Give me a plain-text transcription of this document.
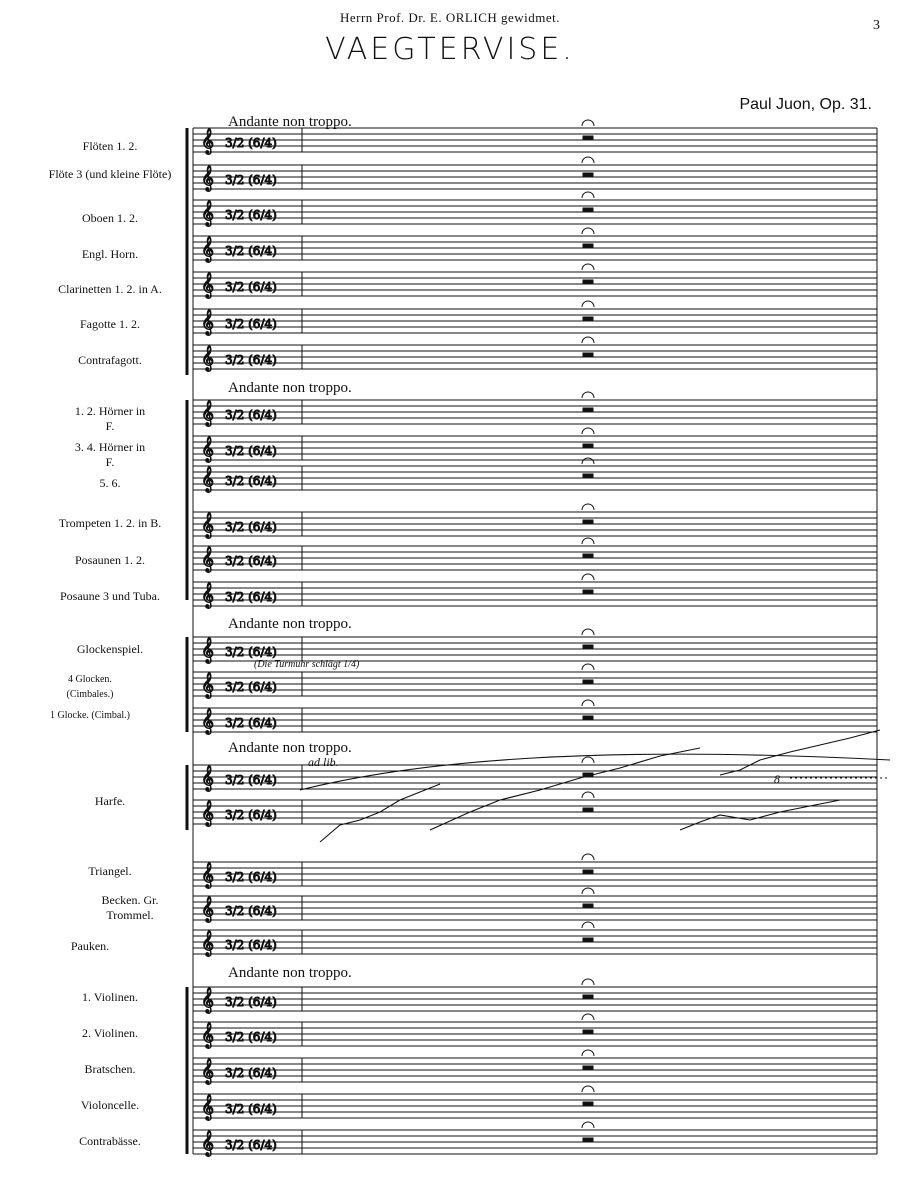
Herrn Prof. Dr. E. ORLICH gewidmet.
3
VAEGTERVISE.
Paul Juon, Op. 31.
Andante non troppo.
Andante non troppo.
Andante non troppo.
Andante non troppo.
Andante non troppo.
(Die Turmuhr schlägt 1/4)
ad lib.
8
Flöten 1. 2.
Flöte 3 (und kleine Flöte)
Oboen 1. 2.
Engl. Horn.
Clarinetten 1. 2. in A.
Fagotte 1. 2.
Contrafagott.
1. 2. Hörner in F.
3. 4. Hörner in F.
5. 6.
Trompeten 1. 2. in B.
Posaunen 1. 2.
Posaune 3 und Tuba.
Glockenspiel.
4 Glocken. (Cimbales.)
1 Glocke. (Cimbal.)
Harfe.
Triangel.
Becken. Gr. Trommel.
Pauken.
1. Violinen.
2. Violinen.
Bratschen.
Violoncelle.
Contrabässe.
𝄞 3/2 (6/4)
𝄞 3/2 (6/4)
𝄞 3/2 (6/4)
𝄞 3/2 (6/4)
𝄞 3/2 (6/4)
𝄞 3/2 (6/4)
𝄞 3/2 (6/4)
𝄞 3/2 (6/4)
𝄞 3/2 (6/4)
𝄞 3/2 (6/4)
𝄞 3/2 (6/4)
𝄞 3/2 (6/4)
𝄞 3/2 (6/4)
𝄞 3/2 (6/4)
𝄞 3/2 (6/4)
𝄞 3/2 (6/4)
𝄞 3/2 (6/4)
𝄞 3/2 (6/4)
𝄞 3/2 (6/4)
𝄞 3/2 (6/4)
𝄞 3/2 (6/4)
𝄞 3/2 (6/4)
𝄞 3/2 (6/4)
𝄞 3/2 (6/4)
𝄞 3/2 (6/4)
𝄞 3/2 (6/4)
